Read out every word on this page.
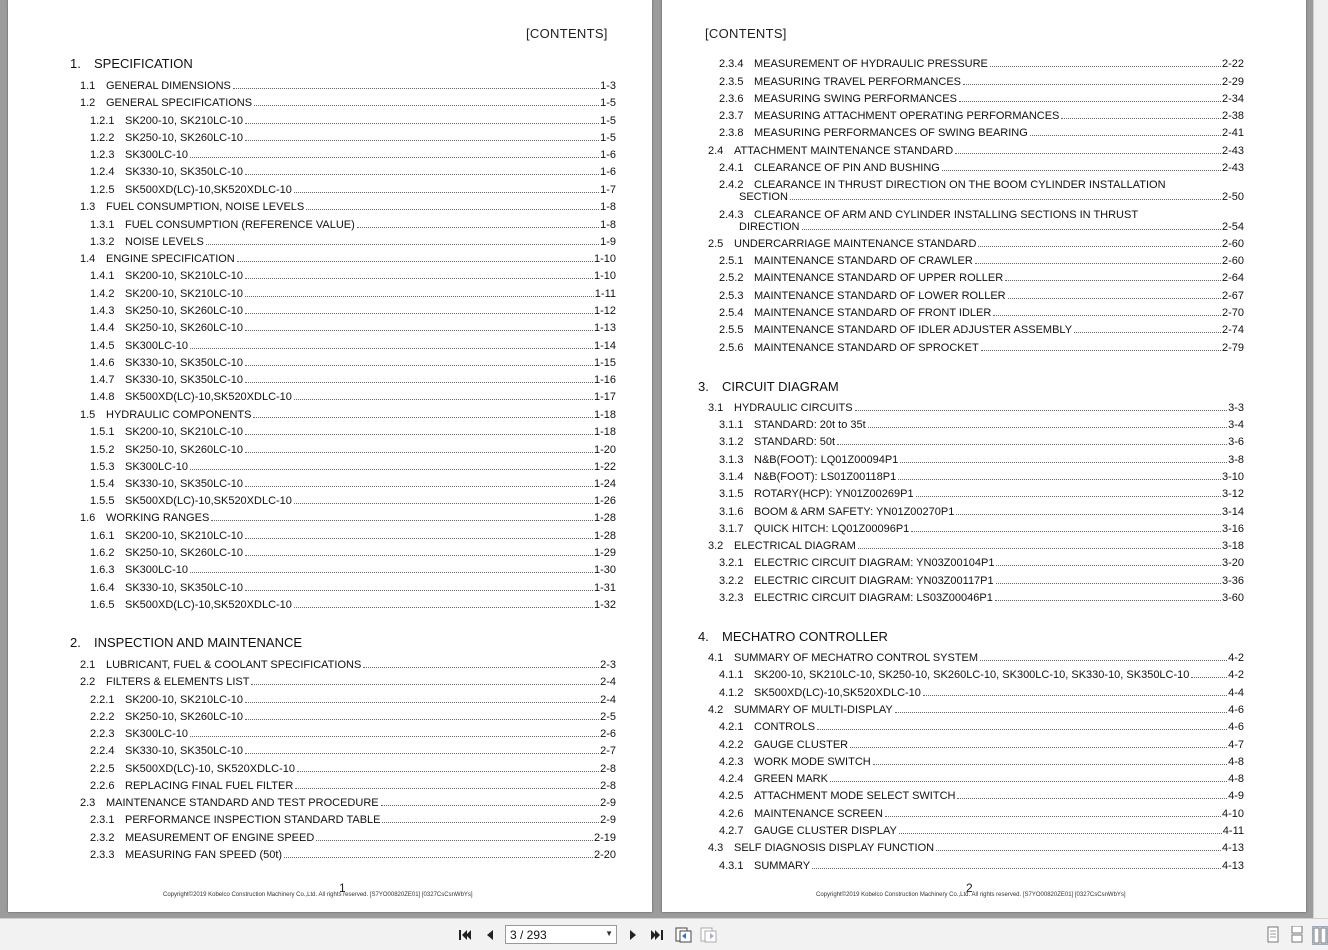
[CONTENTS]
1. SPECIFICATION
2. INSPECTION AND MAINTENANCE
1.1 GENERAL DIMENSIONS	1-3
1.2 GENERAL SPECIFICATIONS	1-5
1.2.1 SK200-10, SK210LC-10	1-5
1.2.2 SK250-10, SK260LC-10	1-5
1.2.3 SK300LC-10	1-6
1.2.4 SK330-10, SK350LC-10	1-6
1.2.5 SK500XD(LC)-10,SK520XDLC-10	1-7
1.3 FUEL CONSUMPTION, NOISE LEVELS	1-8
1.3.1 FUEL CONSUMPTION (REFERENCE VALUE)	1-8
1.3.2 NOISE LEVELS	1-9
1.4 ENGINE SPECIFICATION	1-10
1.4.1 SK200-10, SK210LC-10	1-10
1.4.2 SK200-10, SK210LC-10	1-11
1.4.3 SK250-10, SK260LC-10	1-12
1.4.4 SK250-10, SK260LC-10	1-13
1.4.5 SK300LC-10	1-14
1.4.6 SK330-10, SK350LC-10	1-15
1.4.7 SK330-10, SK350LC-10	1-16
1.4.8 SK500XD(LC)-10,SK520XDLC-10	1-17
1.5 HYDRAULIC COMPONENTS	1-18
1.5.1 SK200-10, SK210LC-10	1-18
1.5.2 SK250-10, SK260LC-10	1-20
1.5.3 SK300LC-10	1-22
1.5.4 SK330-10, SK350LC-10	1-24
1.5.5 SK500XD(LC)-10,SK520XDLC-10	1-26
1.6 WORKING RANGES	1-28
1.6.1 SK200-10, SK210LC-10	1-28
1.6.2 SK250-10, SK260LC-10	1-29
1.6.3 SK300LC-10	1-30
1.6.4 SK330-10, SK350LC-10	1-31
1.6.5 SK500XD(LC)-10,SK520XDLC-10	1-32
2.1 LUBRICANT, FUEL & COOLANT SPECIFICATIONS	2-3
2.2 FILTERS & ELEMENTS LIST	2-4
2.2.1 SK200-10, SK210LC-10	2-4
2.2.2 SK250-10, SK260LC-10	2-5
2.2.3 SK300LC-10	2-6
2.2.4 SK330-10, SK350LC-10	2-7
2.2.5 SK500XD(LC)-10, SK520XDLC-10	2-8
2.2.6 REPLACING FINAL FUEL FILTER	2-8
2.3 MAINTENANCE STANDARD AND TEST PROCEDURE	2-9
2.3.1 PERFORMANCE INSPECTION STANDARD TABLE	2-9
2.3.2 MEASUREMENT OF ENGINE SPEED	2-19
2.3.3 MEASURING FAN SPEED (50t)	2-20
1
Copyright©2019 Kobelco Construction Machinery Co.,Ltd. All rights reserved. [S7YO00820ZE01] [0327CsCsnWbYs]
[CONTENTS]
3. CIRCUIT DIAGRAM
4. MECHATRO CONTROLLER
2.3.4 MEASUREMENT OF HYDRAULIC PRESSURE	2-22
2.3.5 MEASURING TRAVEL PERFORMANCES	2-29
2.3.6 MEASURING SWING PERFORMANCES	2-34
2.3.7 MEASURING ATTACHMENT OPERATING PERFORMANCES	2-38
2.3.8 MEASURING PERFORMANCES OF SWING BEARING	2-41
2.4 ATTACHMENT MAINTENANCE STANDARD	2-43
2.4.1 CLEARANCE OF PIN AND BUSHING	2-43
2.4.2 CLEARANCE IN THRUST DIRECTION ON THE BOOM CYLINDER INSTALLATION
SECTION	2-50
2.4.3 CLEARANCE OF ARM AND CYLINDER INSTALLING SECTIONS IN THRUST
DIRECTION	2-54
2.5 UNDERCARRIAGE MAINTENANCE STANDARD	2-60
2.5.1 MAINTENANCE STANDARD OF CRAWLER	2-60
2.5.2 MAINTENANCE STANDARD OF UPPER ROLLER	2-64
2.5.3 MAINTENANCE STANDARD OF LOWER ROLLER	2-67
2.5.4 MAINTENANCE STANDARD OF FRONT IDLER	2-70
2.5.5 MAINTENANCE STANDARD OF IDLER ADJUSTER ASSEMBLY	2-74
2.5.6 MAINTENANCE STANDARD OF SPROCKET	2-79
3.1 HYDRAULIC CIRCUITS	3-3
3.1.1 STANDARD: 20t to 35t	3-4
3.1.2 STANDARD: 50t	3-6
3.1.3 N&B(FOOT): LQ01Z00094P1	3-8
3.1.4 N&B(FOOT): LS01Z00118P1	3-10
3.1.5 ROTARY(HCP): YN01Z00269P1	3-12
3.1.6 BOOM & ARM SAFETY: YN01Z00270P1	3-14
3.1.7 QUICK HITCH: LQ01Z00096P1	3-16
3.2 ELECTRICAL DIAGRAM	3-18
3.2.1 ELECTRIC CIRCUIT DIAGRAM: YN03Z00104P1	3-20
3.2.2 ELECTRIC CIRCUIT DIAGRAM: YN03Z00117P1	3-36
3.2.3 ELECTRIC CIRCUIT DIAGRAM: LS03Z00046P1	3-60
4.1 SUMMARY OF MECHATRO CONTROL SYSTEM	4-2
4.1.1 SK200-10, SK210LC-10, SK250-10, SK260LC-10, SK300LC-10, SK330-10, SK350LC-10	4-2
4.1.2 SK500XD(LC)-10,SK520XDLC-10	4-4
4.2 SUMMARY OF MULTI-DISPLAY	4-6
4.2.1 CONTROLS	4-6
4.2.2 GAUGE CLUSTER	4-7
4.2.3 WORK MODE SWITCH	4-8
4.2.4 GREEN MARK	4-8
4.2.5 ATTACHMENT MODE SELECT SWITCH	4-9
4.2.6 MAINTENANCE SCREEN	4-10
4.2.7 GAUGE CLUSTER DISPLAY	4-11
4.3 SELF DIAGNOSIS DISPLAY FUNCTION	4-13
4.3.1 SUMMARY	4-13
2
Copyright©2019 Kobelco Construction Machinery Co.,Ltd. All rights reserved. [S7YO00820ZE01] [0327CsCsnWbYs]
3 / 293	▼
